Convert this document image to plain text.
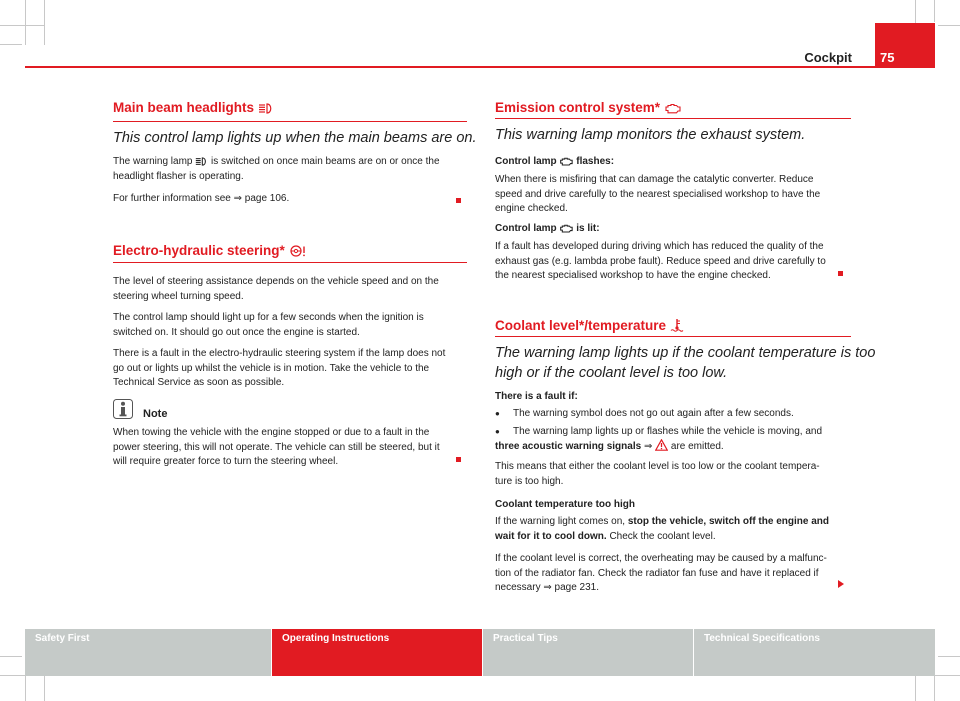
Cockpit	75
Main beam headlights
This control lamp lights up when the main beams are on.
The warning lamp is switched on once main beams are on or once the
headlight flasher is operating.
For further information see ⇒ page 106.
Electro-hydraulic steering*
The level of steering assistance depends on the vehicle speed and on the
steering wheel turning speed.
The control lamp should light up for a few seconds when the ignition is
switched on. It should go out once the engine is started.
There is a fault in the electro-hydraulic steering system if the lamp does not
go out or lights up whilst the vehicle is in motion. Take the vehicle to the
Technical Service as soon as possible.
Note
When towing the vehicle with the engine stopped or due to a fault in the
power steering, this will not operate. The vehicle can still be steered, but it
will require greater force to turn the steering wheel.
Emission control system*
This warning lamp monitors the exhaust system.
Control lamp flashes:
When there is misfiring that can damage the catalytic converter. Reduce
speed and drive carefully to the nearest specialised workshop to have the
engine checked.
Control lamp is lit:
If a fault has developed during driving which has reduced the quality of the
exhaust gas (e.g. lambda probe fault). Reduce speed and drive carefully to
the nearest specialised workshop to have the engine checked.
Coolant level*/temperature
The warning lamp lights up if the coolant temperature is too
high or if the coolant level is too low.
There is a fault if:
● The warning symbol does not go out again after a few seconds.
● The warning lamp lights up or flashes while the vehicle is moving, and
three acoustic warning signals ⇒ are emitted.
This means that either the coolant level is too low or the coolant tempera-
ture is too high.
Coolant temperature too high
If the warning light comes on, stop the vehicle, switch off the engine and
wait for it to cool down. Check the coolant level.
If the coolant level is correct, the overheating may be caused by a malfunc-
tion of the radiator fan. Check the radiator fan fuse and have it replaced if
necessary ⇒ page 231.
Safety First	Operating Instructions	Practical Tips	Technical Specifications
